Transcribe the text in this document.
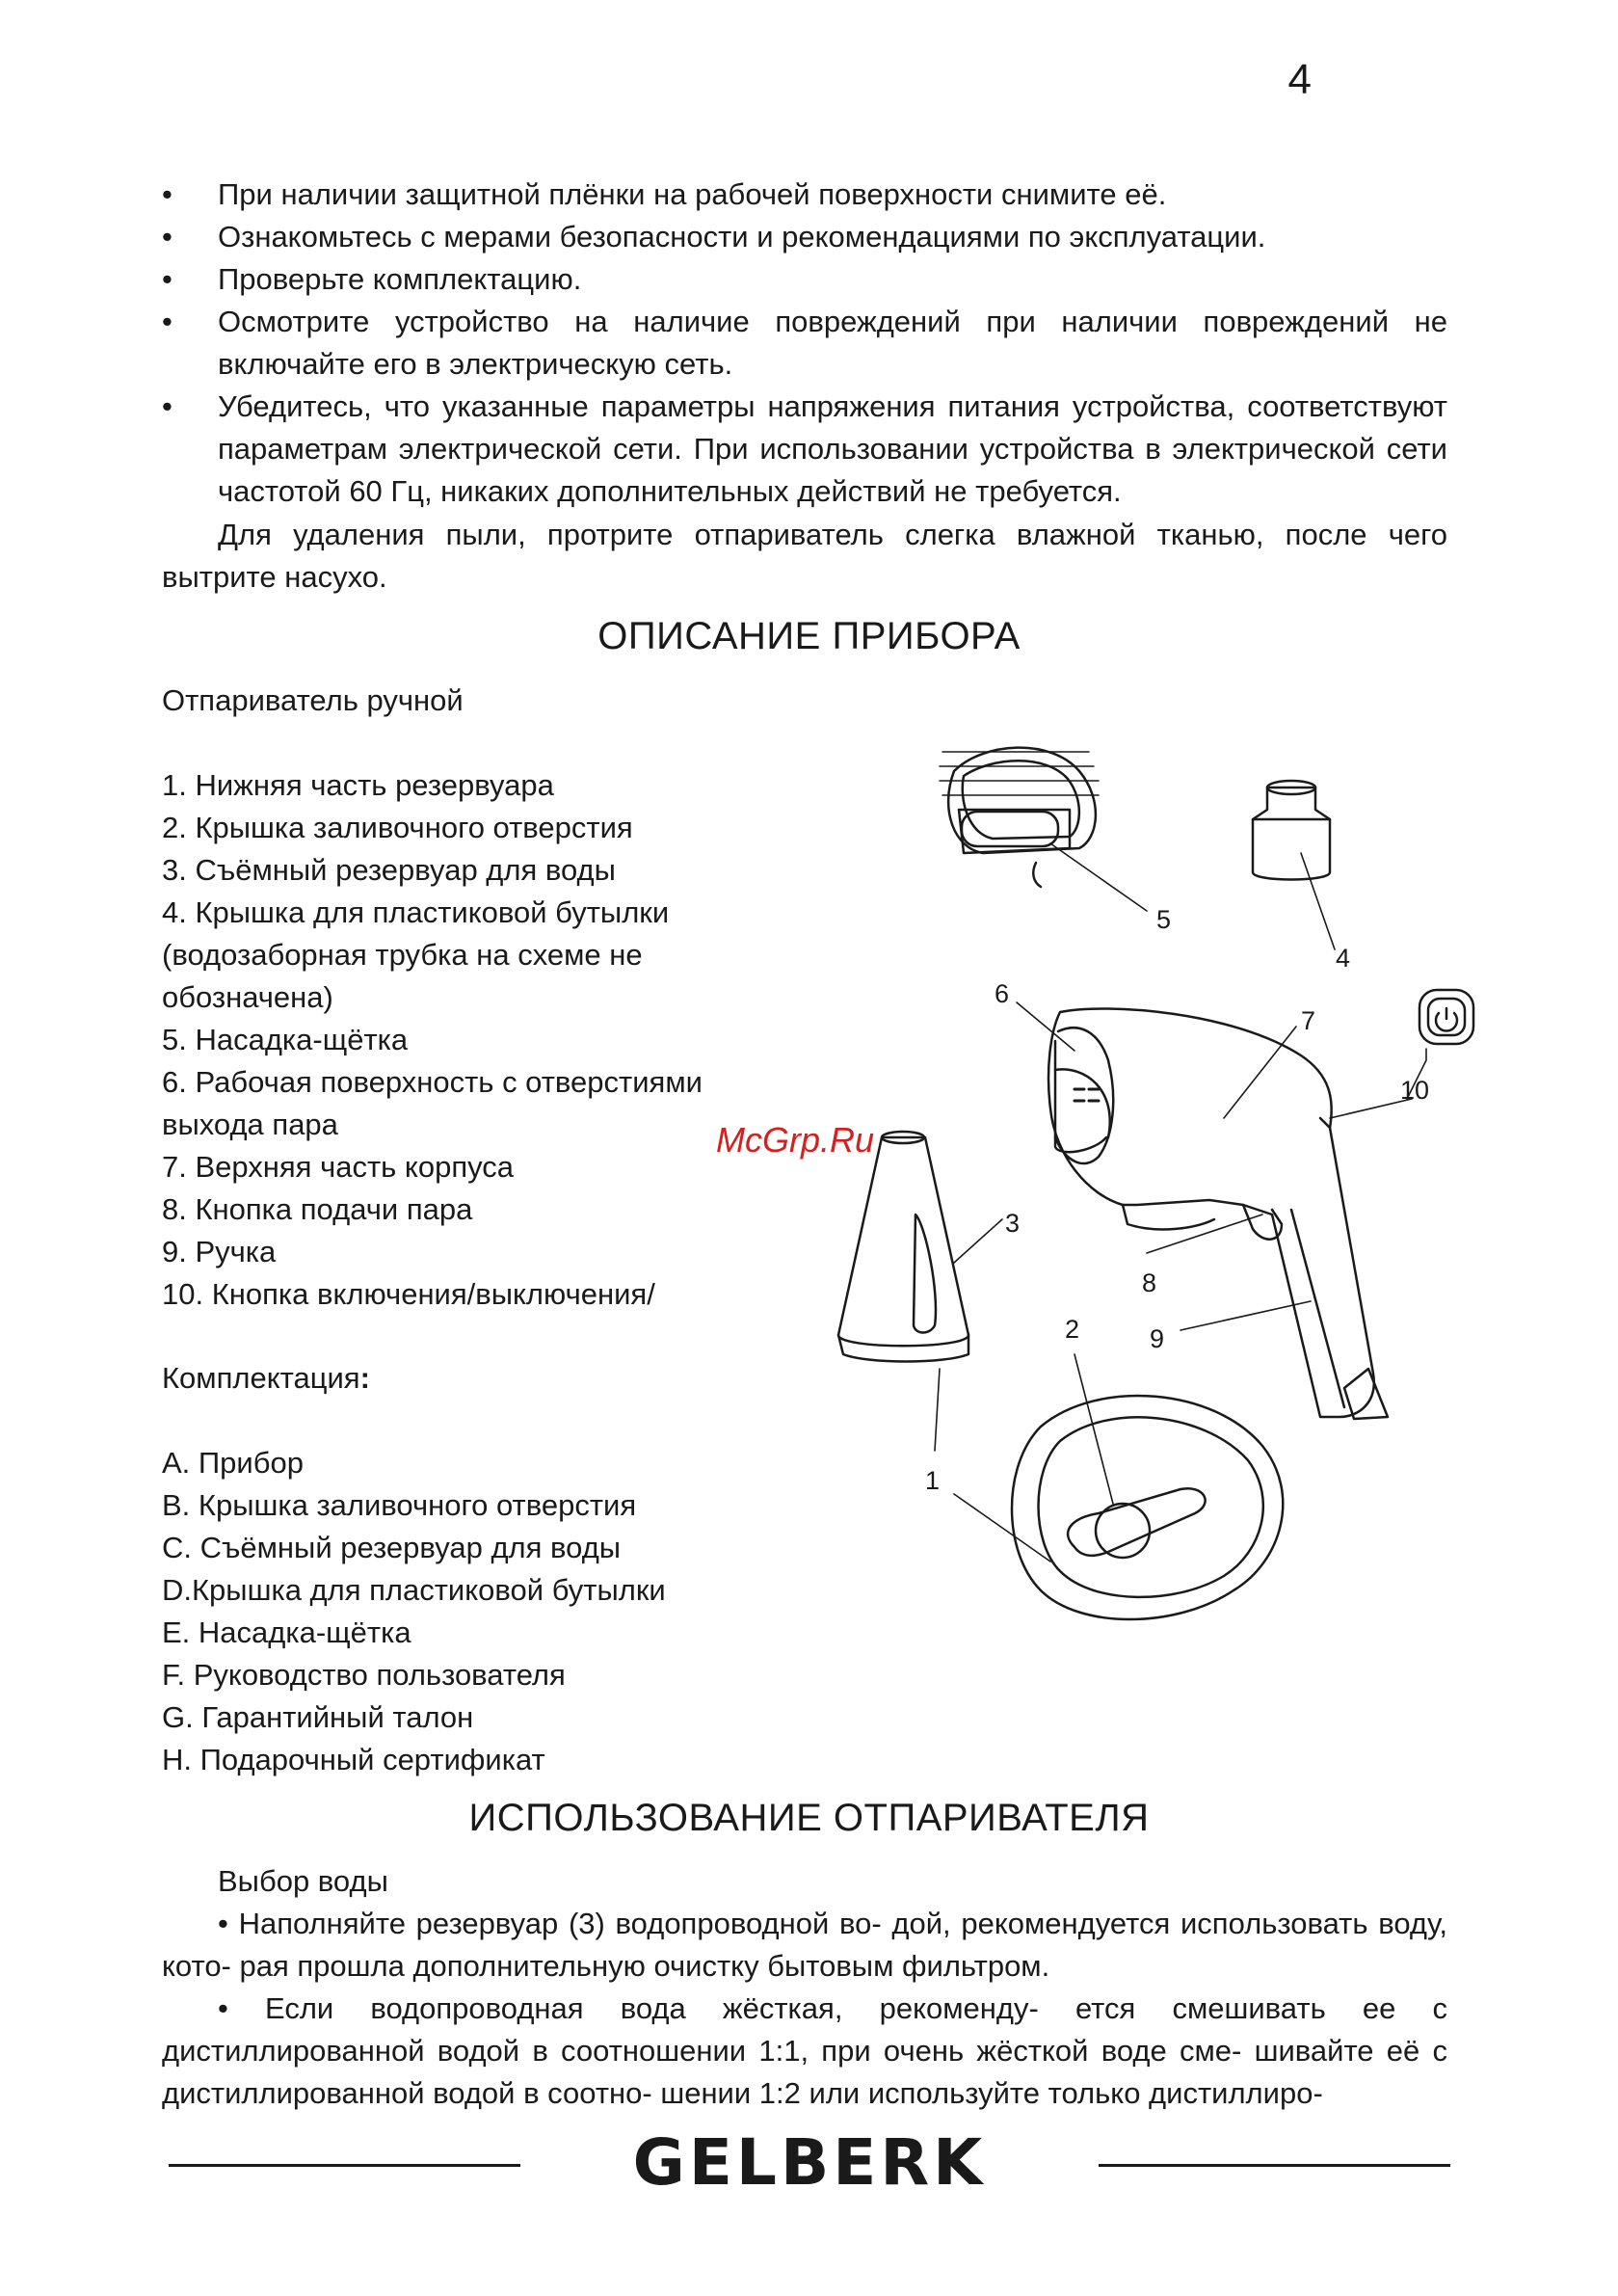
4
• При наличии защитной плёнки на рабочей поверхности снимите её.
• Ознакомьтесь с мерами безопасности и рекомендациями по эксплуатации.
• Проверьте комплектацию.
• Осмотрите устройство на наличие повреждений при наличии повреждений не включайте его в электрическую сеть.
• Убедитесь, что указанные параметры напряжения питания устройства, соответствуют параметрам электрической сети. При использовании устройства в электрической сети частотой 60 Гц, никаких дополнительных действий не требуется.

Для удаления пыли, протрите отпариватель слегка влажной тканью, после чего вытрите насухо.

ОПИСАНИЕ ПРИБОРА

Отпариватель ручной

1. Нижняя часть резервуара
2. Крышка заливочного отверстия
3. Съёмный резервуар для воды
4. Крышка для пластиковой бутылки (водозаборная трубка на схеме не обозначена)
5. Насадка-щётка
6. Рабочая поверхность с отверстиями выхода пара
7. Верхняя часть корпуса
8. Кнопка подачи пара
9. Ручка
10. Кнопка включения/выключения/

Комплектация:

A. Прибор
B. Крышка заливочного отверстия
C. Съёмный резервуар для воды
D.Крышка для пластиковой бутылки
E. Насадка-щётка
F. Руководство пользователя
G. Гарантийный талон
H. Подарочный сертификат
1
2
3
4
5
6
7
8
9
10
McGrp.Ru
ИСПОЛЬЗОВАНИЕ ОТПАРИВАТЕЛЯ

Выбор воды

• Наполняйте резервуар (3) водопроводной во- дой, рекомендуется использовать воду, кото- рая прошла дополнительную очистку бытовым фильтром.

• Если водопроводная вода жёсткая, рекоменду- ется смешивать ее с дистиллированной водой в соотношении 1:1, при очень жёсткой воде сме- шивайте её с дистиллированной водой в соотно- шении 1:2 или используйте только дистиллиро-

GELBERK
